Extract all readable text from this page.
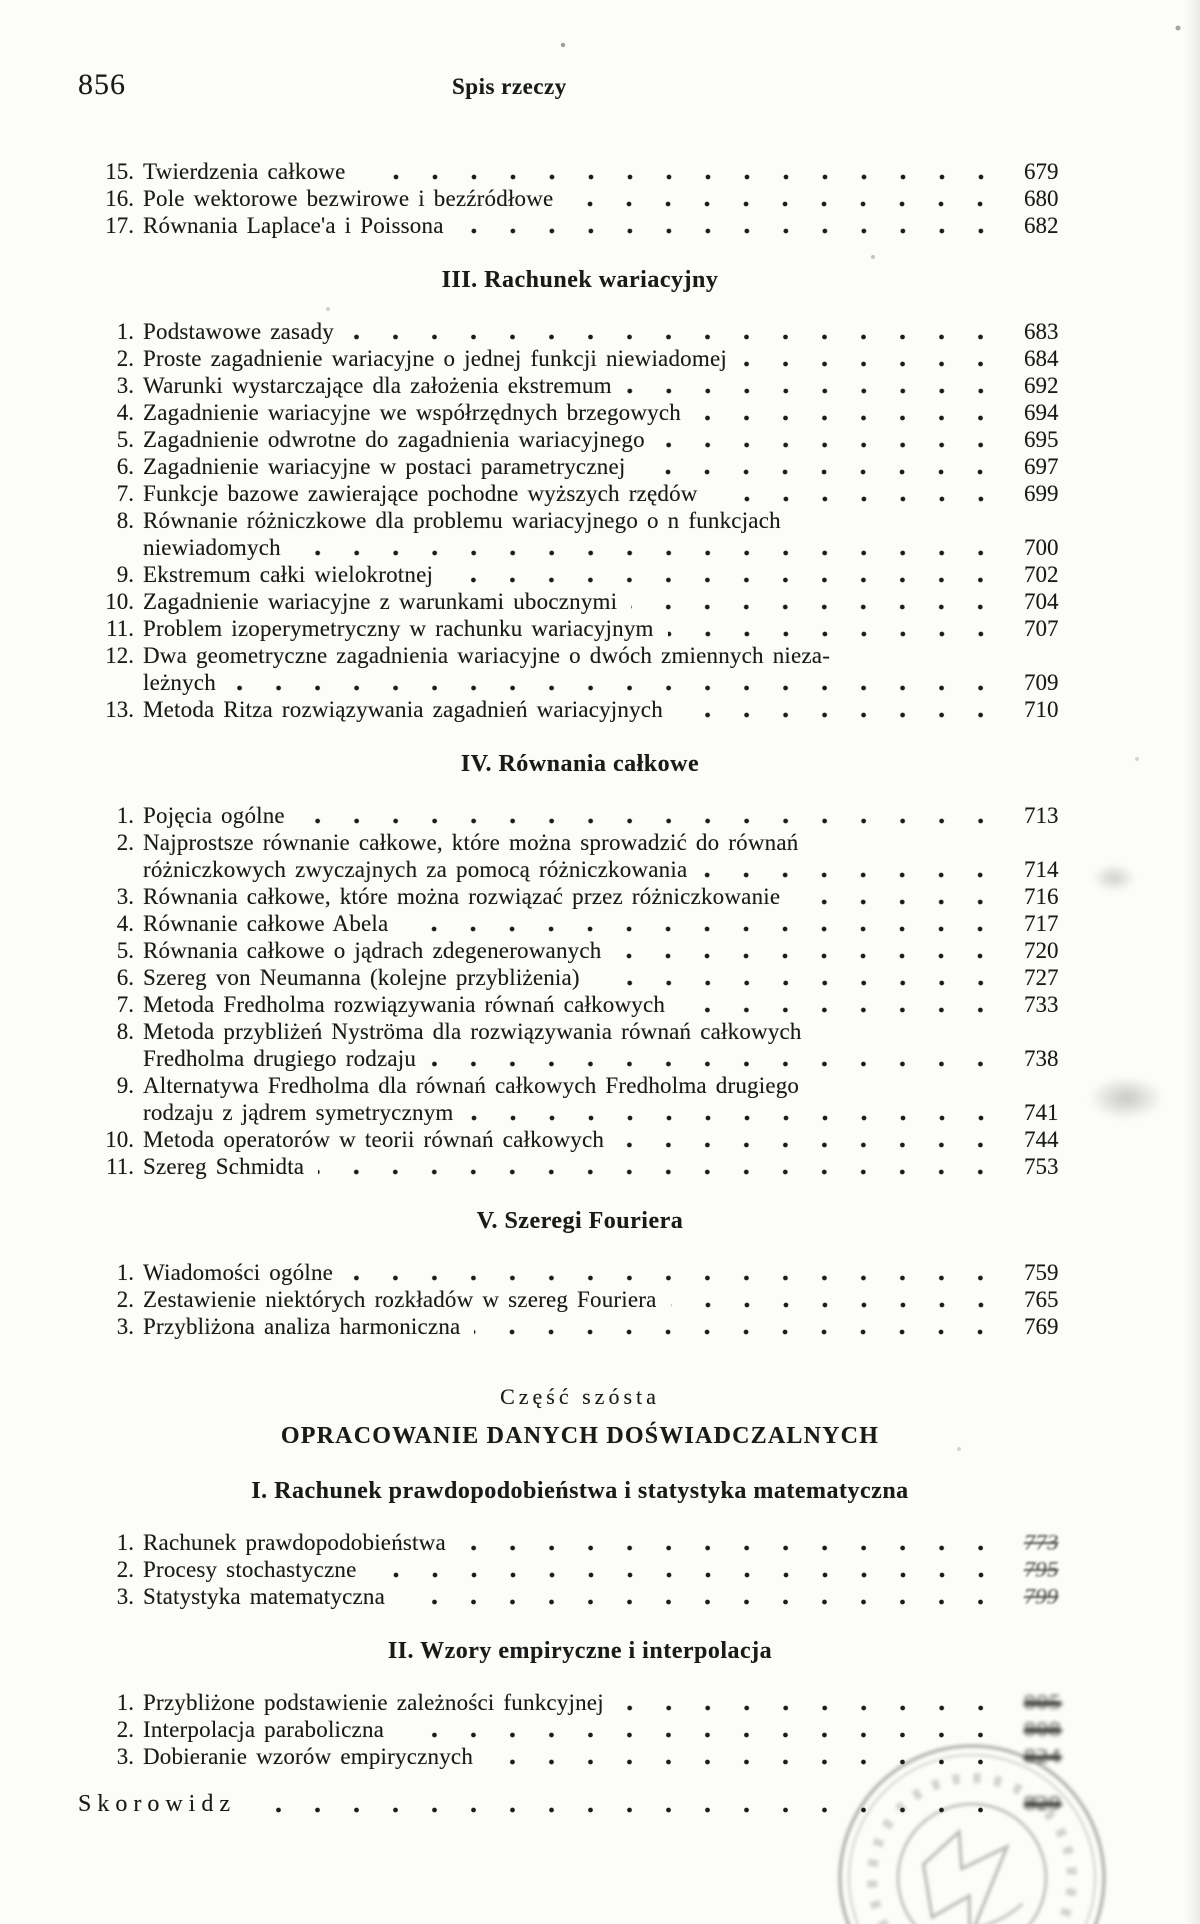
856	Spis rzeczy
15. Twierdzenia całkowe	679
16. Pole wektorowe bezwirowe i bezźródłowe	680
17. Równania Laplace'a i Poissona	682
III. Rachunek wariacyjny
1. Podstawowe zasady	683
2. Proste zagadnienie wariacyjne o jednej funkcji niewiadomej	684
3. Warunki wystarczające dla założenia ekstremum	692
4. Zagadnienie wariacyjne we współrzędnych brzegowych	694
5. Zagadnienie odwrotne do zagadnienia wariacyjnego	695
6. Zagadnienie wariacyjne w postaci parametrycznej	697
7. Funkcje bazowe zawierające pochodne wyższych rzędów	699
8. Równanie różniczkowe dla problemu wariacyjnego o n funkcjach
niewiadomych	700
9. Ekstremum całki wielokrotnej	702
10. Zagadnienie wariacyjne z warunkami ubocznymi	704
11. Problem izoperymetryczny w rachunku wariacyjnym	707
12. Dwa geometryczne zagadnienia wariacyjne o dwóch zmiennych nieza-
leżnych	709
13. Metoda Ritza rozwiązywania zagadnień wariacyjnych	710
IV. Równania całkowe
1. Pojęcia ogólne	713
2. Najprostsze równanie całkowe, które można sprowadzić do równań
różniczkowych zwyczajnych za pomocą różniczkowania	714
3. Równania całkowe, które można rozwiązać przez różniczkowanie	716
4. Równanie całkowe Abela	717
5. Równania całkowe o jądrach zdegenerowanych	720
6. Szereg von Neumanna (kolejne przybliżenia)	727
7. Metoda Fredholma rozwiązywania równań całkowych	733
8. Metoda przybliżeń Nyströma dla rozwiązywania równań całkowych
Fredholma drugiego rodzaju	738
9. Alternatywa Fredholma dla równań całkowych Fredholma drugiego
rodzaju z jądrem symetrycznym	741
10. Metoda operatorów w teorii równań całkowych	744
11. Szereg Schmidta	753
V. Szeregi Fouriera
1. Wiadomości ogólne	759
2. Zestawienie niektórych rozkładów w szereg Fouriera	765
3. Przybliżona analiza harmoniczna	769
Część szósta
OPRACOWANIE DANYCH DOŚWIADCZALNYCH
I. Rachunek prawdopodobieństwa i statystyka matematyczna
1. Rachunek prawdopodobieństwa	773
2. Procesy stochastyczne	795
3. Statystyka matematyczna	799
II. Wzory empiryczne i interpolacja
1. Przybliżone podstawienie zależności funkcyjnej	805
2. Interpolacja paraboliczna	808
3. Dobieranie wzorów empirycznych	824
Skorowidz	829
